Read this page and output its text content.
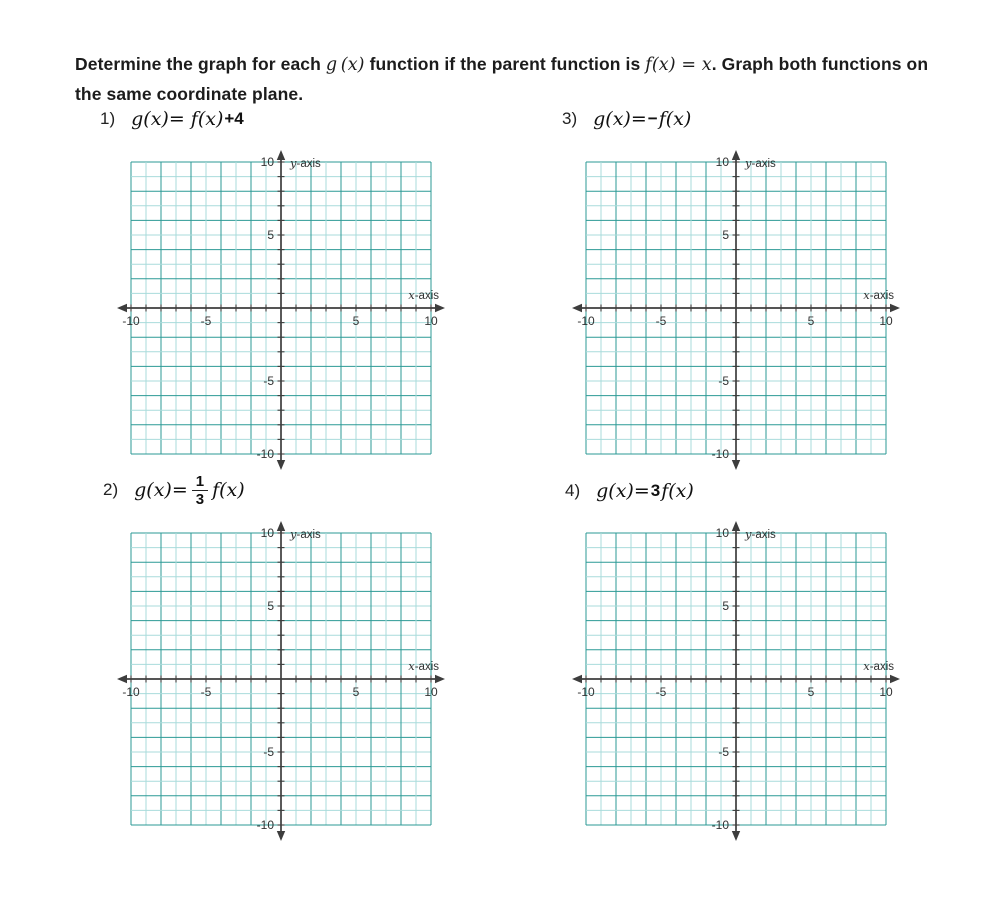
Determine the graph for each g (x) function if the parent function is f(x) = x. Graph both functions on the same coordinate plane.

1) g(x)= f(x) +4	3) g(x)= − f(x)
2) $g(x)= \frac{1}{3} f(x)$	4) g(x)= 3 f(x)
-10	-5	5	10
-10
-5
5
10
x-axis
y-axis
-10	-5	5	10
-10
-5
5
10
x-axis
y-axis
-10	-5	5	10
-10
-5
5
10
x-axis
y-axis
-10	-5	5	10
-10
-5
5
10
x-axis
y-axis
